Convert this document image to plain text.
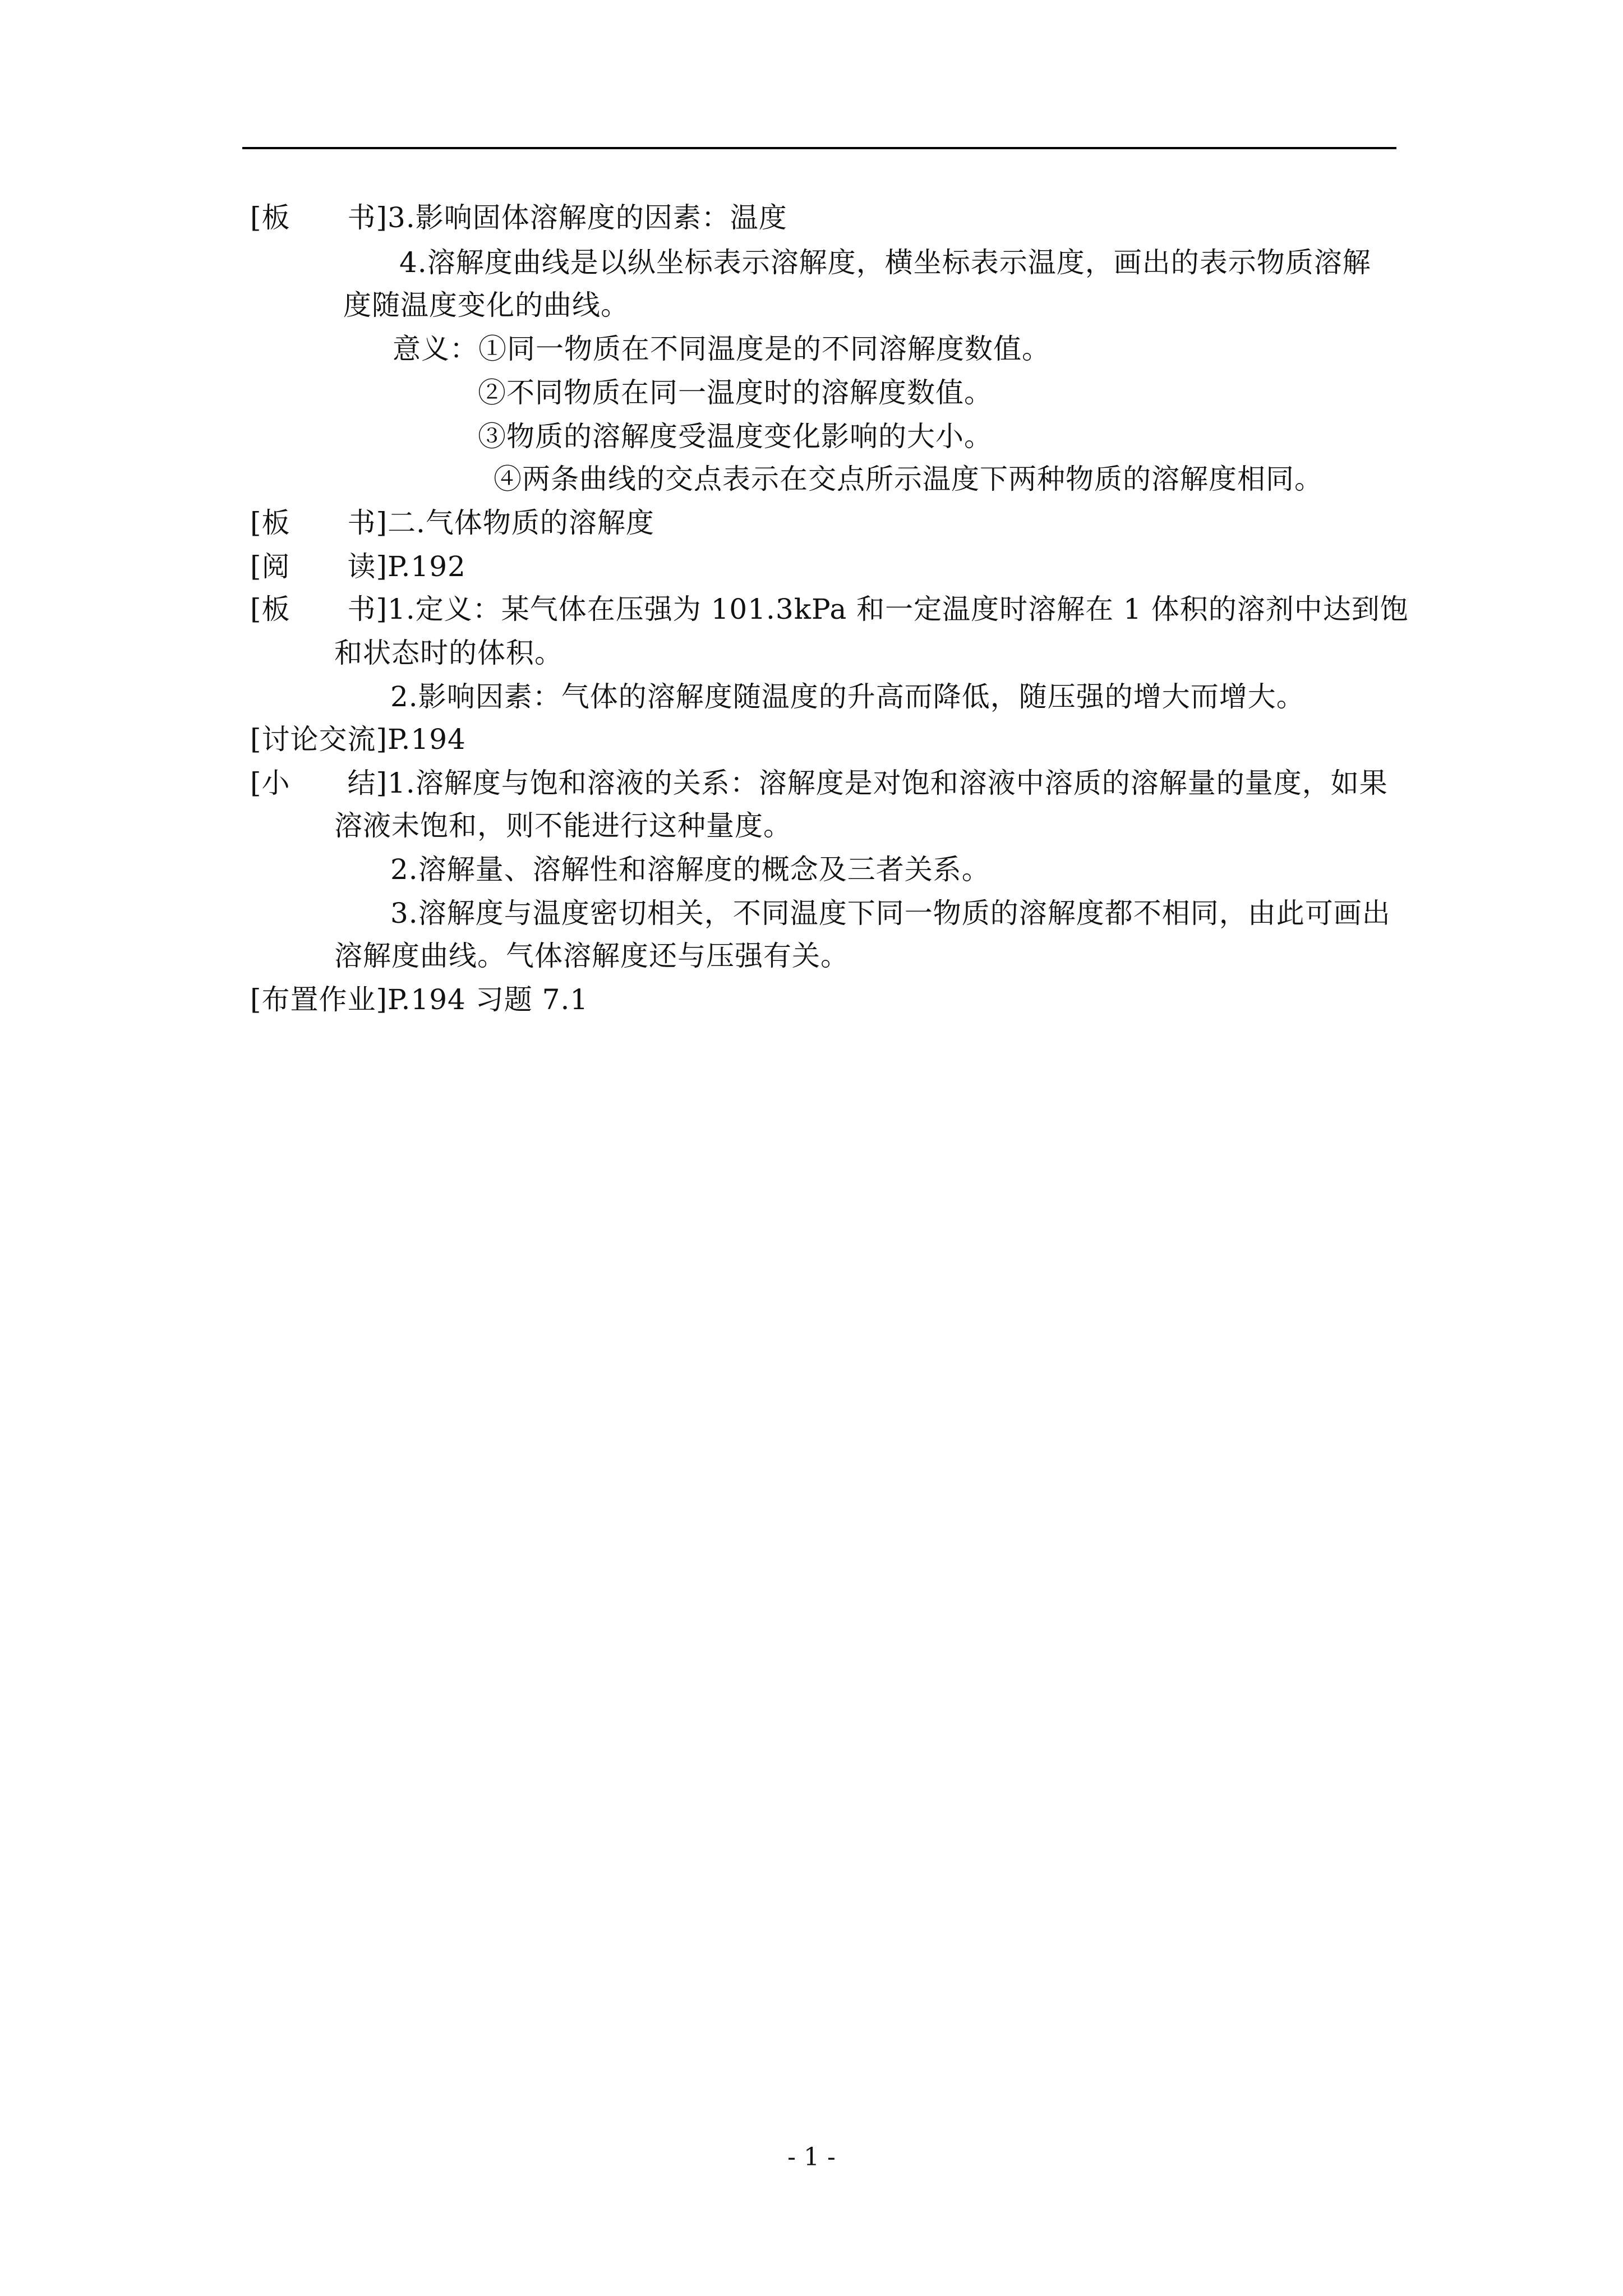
[板　　书]3.影响固体溶解度的因素：温度
4.溶解度曲线是以纵坐标表示溶解度，横坐标表示温度，画出的表示物质溶解
度随温度变化的曲线。
意义：①同一物质在不同温度是的不同溶解度数值。
②不同物质在同一温度时的溶解度数值。
③物质的溶解度受温度变化影响的大小。
④两条曲线的交点表示在交点所示温度下两种物质的溶解度相同。
[板　　书]二.气体物质的溶解度
[阅　　读]P.192
[板　　书]1.定义：某气体在压强为 101.3kPa 和一定温度时溶解在 1 体积的溶剂中达到饱
和状态时的体积。
2.影响因素：气体的溶解度随温度的升高而降低，随压强的增大而增大。
[讨论交流]P.194
[小　　结]1.溶解度与饱和溶液的关系：溶解度是对饱和溶液中溶质的溶解量的量度，如果
溶液未饱和，则不能进行这种量度。
2.溶解量、溶解性和溶解度的概念及三者关系。
3.溶解度与温度密切相关，不同温度下同一物质的溶解度都不相同，由此可画出
溶解度曲线。气体溶解度还与压强有关。
[布置作业]P.194 习题 7.1
- 1 -
